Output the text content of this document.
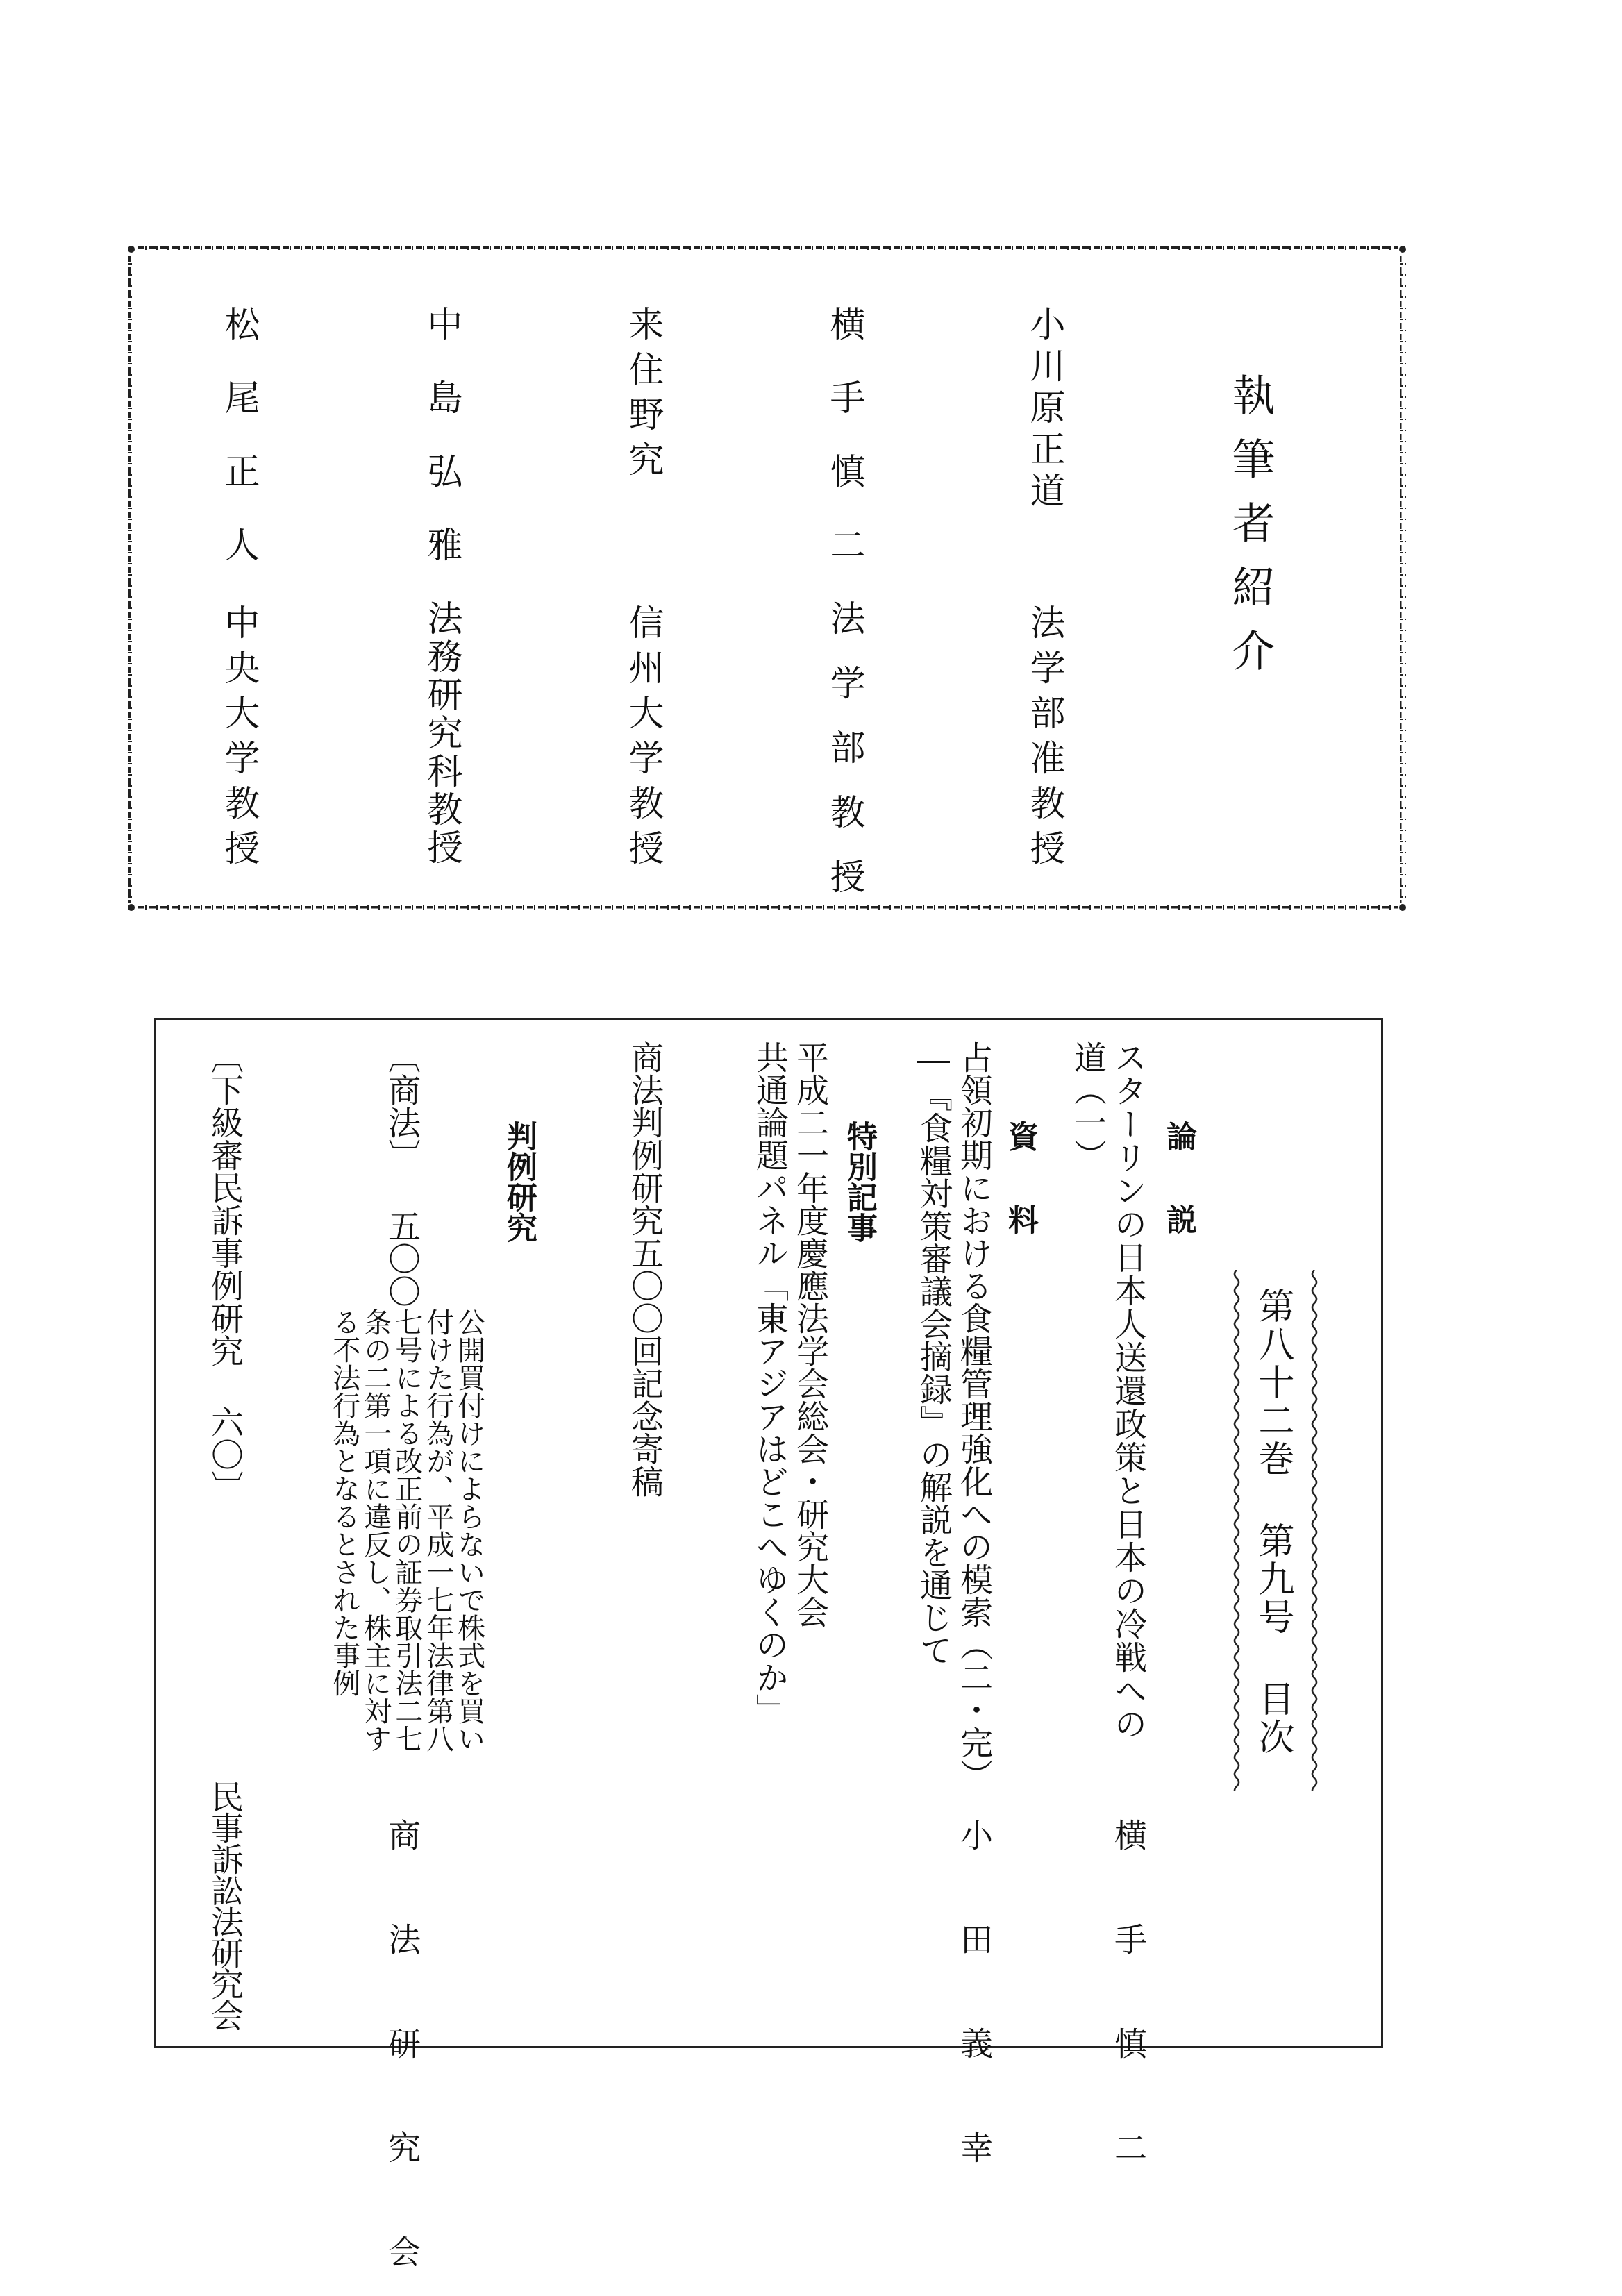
執筆者紹介
小川原正道
法学部准教授
横手慎二
法学部教授
来住野究
信州大学教授
中島弘雅
法務研究科教授
松尾正人
中央大学教授
第八十二巻 第九号 目次
論　説
スターリンの日本人送還政策と日本の冷戦への
道（一）
横 手 慎 二
資　料
占領初期における食糧管理強化への模索（二・完）
―『食糧対策審議会摘録』の解説を通じて
小 田 義 幸
特別記事
平成二一年度慶應法学会総会・研究大会
共通論題パネル「東アジアはどこへゆくのか」
商法判例研究五〇〇回記念寄稿
判例研究
〔商法〕 五〇〇
公開買付けによらないで株式を買い
付けた行為が、平成一七年法律第八
七号による改正前の証券取引法二七
条の二第一項に違反し、株主に対す
る不法行為となるとされた事例
商 法 研 究 会
〔下級審民訴事例研究 六〇〕
民事訴訟法研究会
